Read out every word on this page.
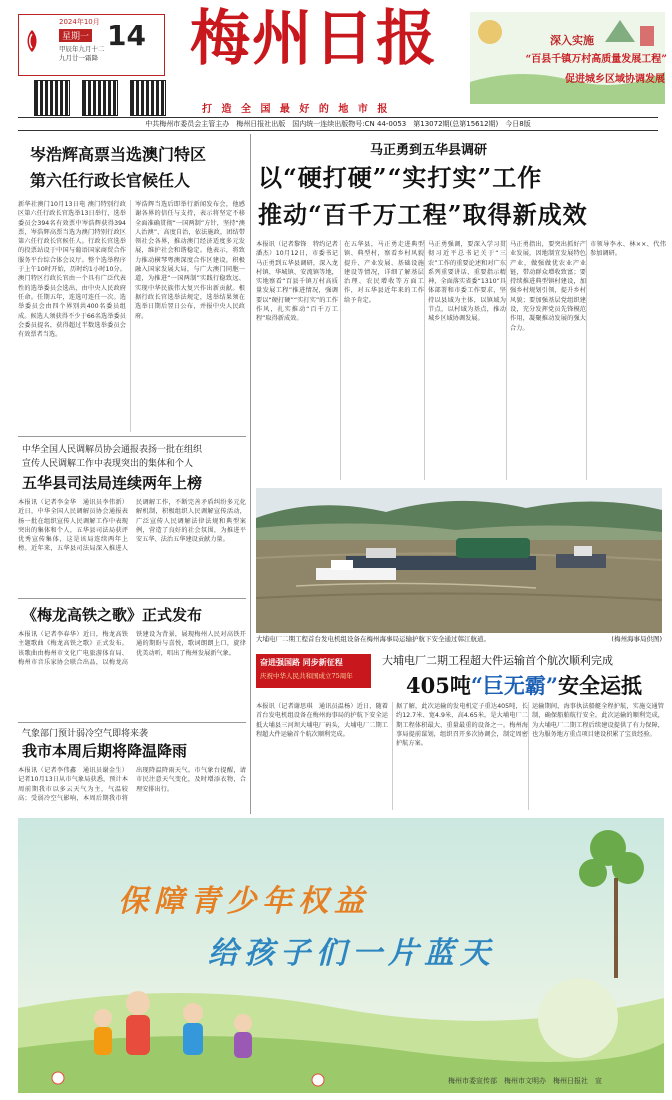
2024年10月
星期一 14
甲辰年九月十二
九月廿一霜降 梅州日报
打 造 全 国 最 好 的 地 市 报
深入实施
“百县千镇万村高质量发展工程”
促进城乡区域协调发展
中共梅州市委员会主管主办　梅州日报社出版　国内统一连续出版物号:CN 44-0053　第13072期(总第15612期)　今日8版
岑浩辉高票当选澳门特区
第六任行政长官候任人
新华社澳门10月13日电 澳门特别行政区第六任行政长官选举13日举行，选举委员会394名有效票中岑浩辉获得394票，岑浩辉高票当选为澳门特别行政区第六任行政长官候任人。行政长官选举的投票站设于中国与葡语国家商贸合作服务平台综合体会议厅。整个选举程序于上午10时开始，历时约1小时10分。澳门特区行政长官由一个具有广泛代表性的选举委员会选出，由中央人民政府任命。任期五年，连选可连任一次。选举委员会由四个界别共400名委员组成。候选人须获得不少于66名选举委员会委员提名，获得超过半数选举委员会有效票者当选。
岑浩辉当选后即举行新闻发布会，他感谢各界的信任与支持，表示将坚定不移全面准确贯彻“一国两制”方针，坚持“澳人治澳”、高度自治，依法施政，团结带领社会各界，推动澳门经济适度多元发展，维护社会和谐稳定。他表示，将致力推动横琴粤澳深度合作区建设，积极融入国家发展大局，与广大澳门同胞一道，为推进“一国两制”实践行稳致远、实现中华民族伟大复兴作出新贡献。根据行政长官选举法规定，选举结果须在选举日期后翌日公布，并报中央人民政府。
中华全国人民调解员协会通报表扬一批在组织
宣传人民调解工作中表现突出的集体和个人
五华县司法局连续两年上榜
本报讯（记者李金华　通讯员李伟新）近日，中华全国人民调解员协会通报表扬一批在组织宣传人民调解工作中表现突出的集体和个人，五华县司法局获评优秀宣传集体，这是该局连续两年上榜。近年来，五华县司法局深入推进人民调解工作，不断完善矛盾纠纷多元化解机制，积极组织人民调解宣传活动，广泛宣传人民调解法律法规和典型案例，营造了良好的社会氛围，为推进平安五华、法治五华建设贡献力量。
《梅龙高铁之歌》正式发布
本报讯（记者李春华）近日，梅龙高铁主题歌曲《梅龙高铁之歌》正式发布。该歌曲由梅州市文化广电旅游体育局、梅州市音乐家协会联合出品，以梅龙高铁建设为背景，展现梅州人民对高铁开通的期盼与喜悦，歌词朗朗上口，旋律优美动听，唱出了梅州发展新气象。
气象部门预计弱冷空气即将来袭
我市本周后期将降温降雨
本报讯（记者李伟鑫　通讯员谢金生）记者10月13日从市气象局获悉，预计本周前期我市以多云天气为主，气温较高；受弱冷空气影响，本周后期我市将出现降温降雨天气。市气象台提醒，请市民注意天气变化，及时增添衣物，合理安排出行。
马正勇到五华县调研
以“硬打硬”“实打实”工作
推动“百千万工程”取得新成效
本报讯（记者黎锋　特约记者潘杰）10月12日，市委书记马正勇到五华县调研，深入龙村镇、华城镇、安流镇等地，实地察看“百县千镇万村高质量发展工程”推进情况，强调要以“硬打硬”“实打实”的工作作风，扎实推动“百千万工程”取得新成效。
在五华县，马正勇走进典型镇、典型村，察看乡村风貌提升、产业发展、基础设施建设等情况，详细了解基层治理、农民增收等方面工作，对五华县近年来的工作给予肯定。
马正勇强调，要深入学习贯彻习近平总书记关于“三农”工作的重要论述和对广东系列重要讲话、重要指示精神，全面落实省委“1310”具体部署和市委工作要求，坚持以县域为主体，以镇域为节点，以村域为基点，推动城乡区域协调发展。
马正勇指出，要突出抓好产业发展，因地制宜发展特色产业，做强做优农业产业链，带动群众增收致富；要持续推进典型镇村建设，加强乡村规划引领，提升乡村风貌；要加强基层党组织建设，充分发挥党员先锋模范作用，凝聚推动发展的强大合力。
市领导李永、林××、代伟参加调研。
大埔电厂二期工程首台发电机组设备在梅州海事局运输护航下安全通过韩江航道。	(梅州海事局供图)
奋进强国路 同步新征程
庆祝中华人民共和国成立75周年
大埔电厂二期工程超大件运输首个航次顺利完成
405吨“巨无霸”安全运抵
本报讯（记者谢思琪　通讯员温杨）近日，随着首台发电机组设备在梅州海事局的护航下安全运抵大埔县三河坝大埔电厂码头，大埔电厂二期工程超大件运输首个航次顺利完成。
据了解，此次运输的发电机定子重达405吨，长约12.7米、宽4.9米、高4.65米，是大埔电厂二期工程体积最大、重量最重的设备之一。梅州海事局提前谋划，组织召开多次协调会，制定周密护航方案。
运输期间，海事执法船艇全程护航，实施交通管制，确保船舶航行安全。此次运输的顺利完成，为大埔电厂二期工程后续建设提供了有力保障，也为服务地方重点项目建设积累了宝贵经验。
保障青少年权益
给孩子们一片蓝天
梅州市委宣传部　梅州市文明办　梅州日报社　宣
